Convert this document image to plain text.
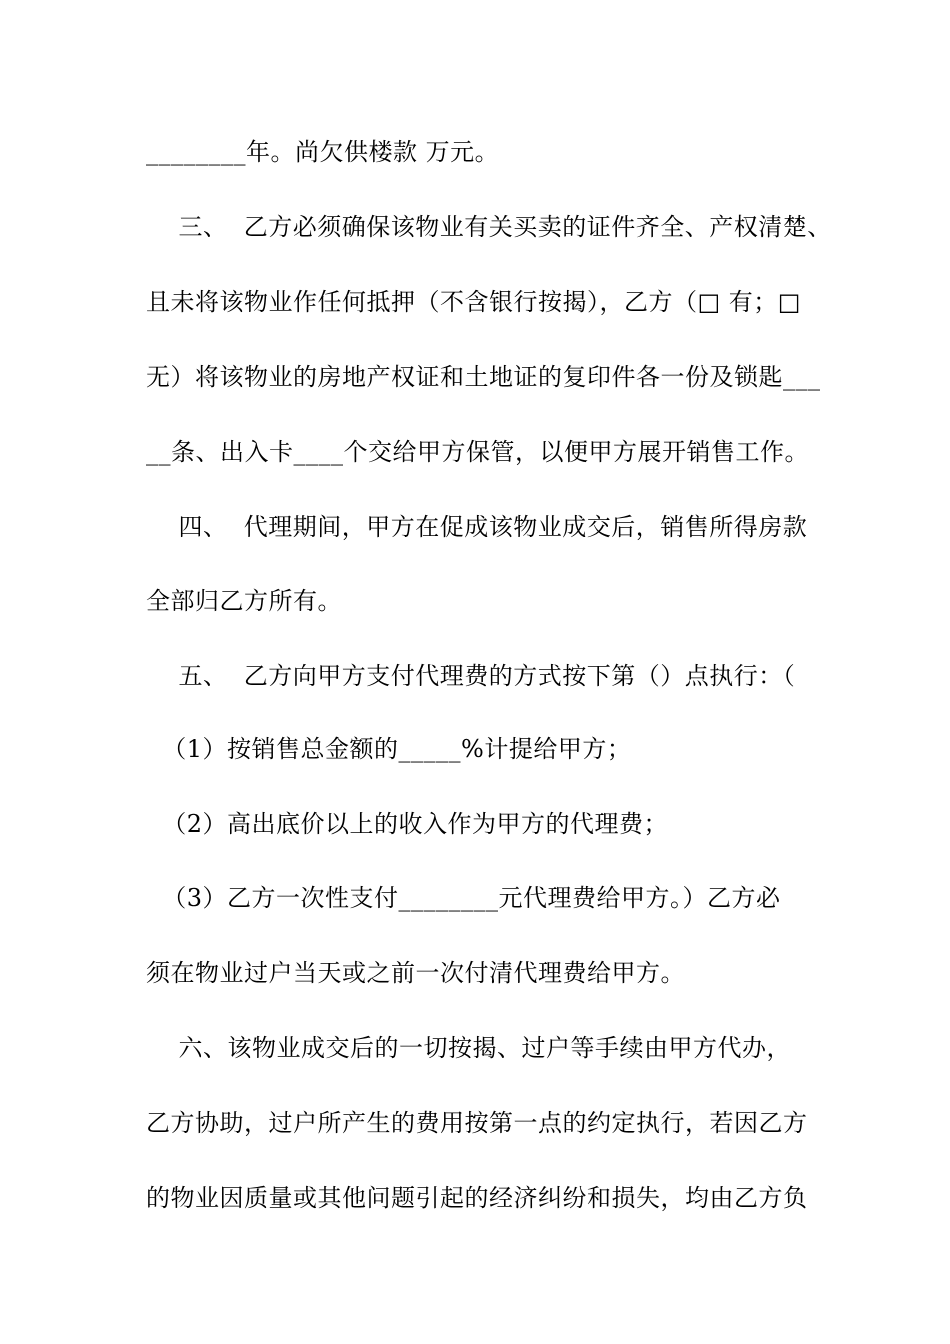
________年。尚欠供楼款 万元。
三、  乙方必须确保该物业有关买卖的证件齐全、产权清楚、
且未将该物业作任何抵押（不含银行按揭），乙方（□ 有；□
无）将该物业的房地产权证和土地证的复印件各一份及锁匙___
__条、出入卡____个交给甲方保管，以便甲方展开销售工作。
四、  代理期间，甲方在促成该物业成交后，销售所得房款
全部归乙方所有。
五、  乙方向甲方支付代理费的方式按下第（）点执行：（
（1）按销售总金额的_____%计提给甲方；
（2）高出底价以上的收入作为甲方的代理费；
（3）乙方一次性支付________元代理费给甲方。）乙方必
须在物业过户当天或之前一次付清代理费给甲方。
六、该物业成交后的一切按揭、过户等手续由甲方代办，
乙方协助，过户所产生的费用按第一点的约定执行，若因乙方
的物业因质量或其他问题引起的经济纠纷和损失，均由乙方负
